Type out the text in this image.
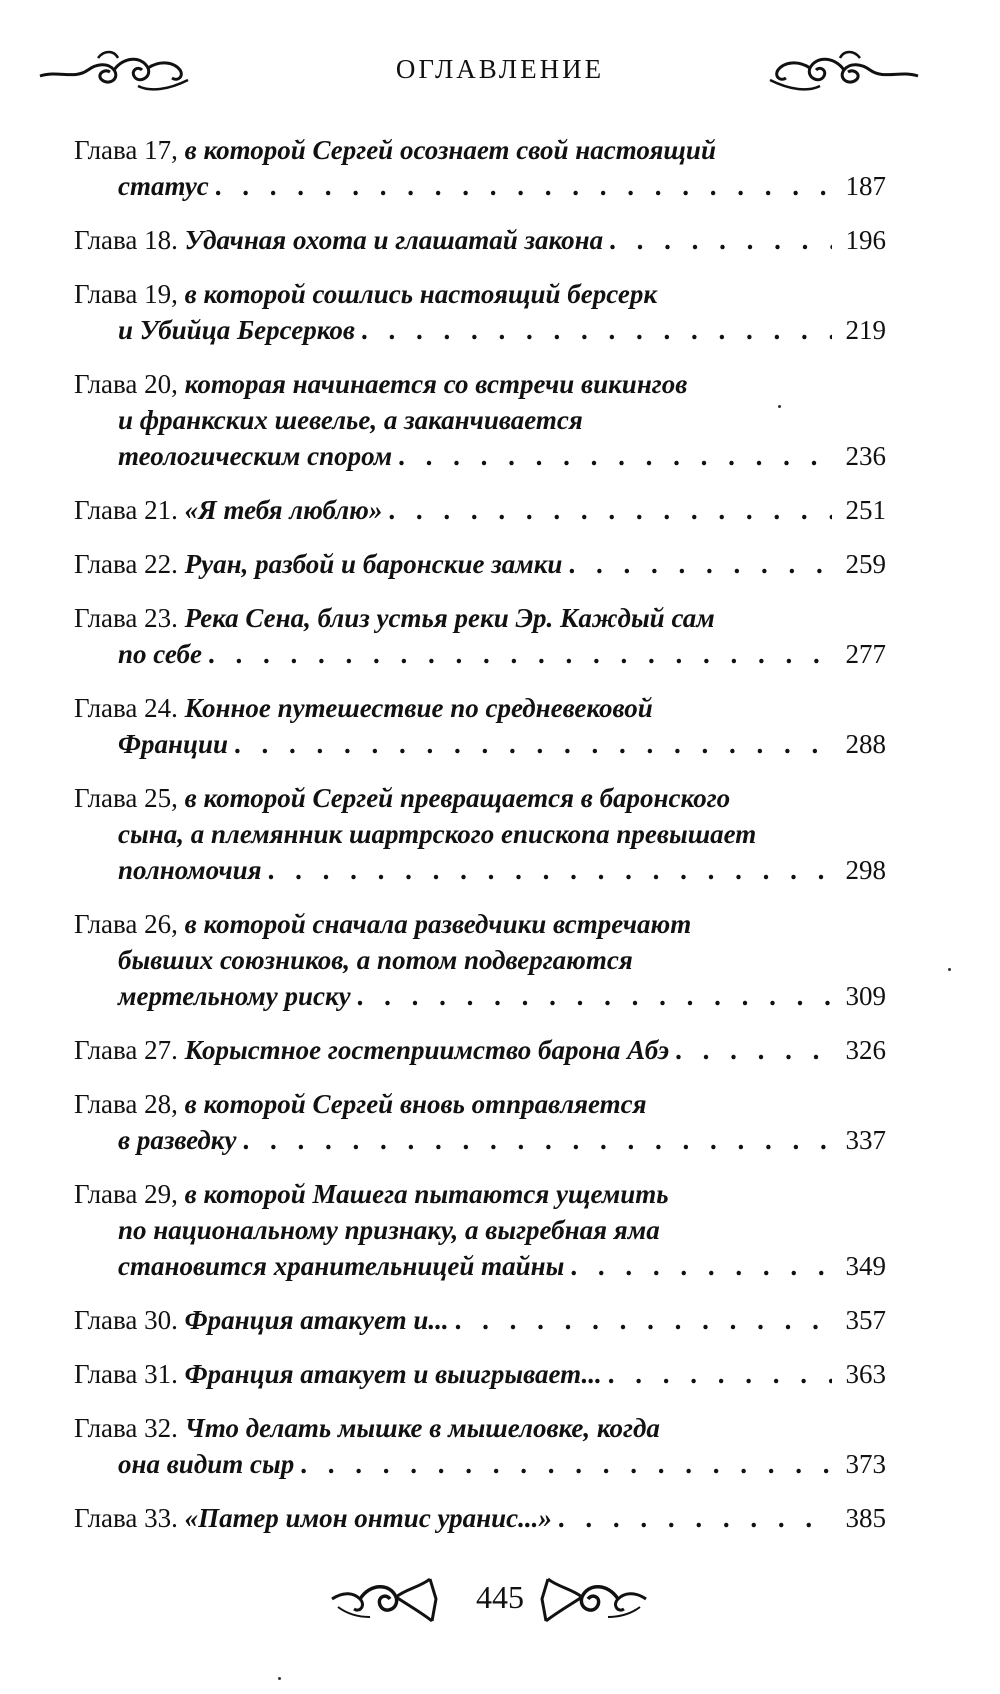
ОГЛАВЛЕНИЕ
Глава 17,
в которой Сергей осознает свой настоящий
статус . . .	187
Глава 18.
Удачная охота и глашатай закона . . .	196
Глава 19,
в которой сошлись настоящий берсерк
и Убийца Берсерков . . .	219
Глава 20,
которая начинается со встречи викингов
и франкских шевелье, а заканчивается
теологическим спором . . .	236
Глава 21.
«Я тебя люблю» . . .	251
Глава 22.
Руан, разбой и баронские замки . . .	259
Глава 23.
Река Сена, близ устья реки Эр. Каждый сам
по себе . . .	277
Глава 24.
Конное путешествие по средневековой
Франции . . .	288
Глава 25,
в которой Сергей превращается в баронского
сына, а племянник шартрского епископа превышает
полномочия . . .	298
Глава 26,
в которой сначала разведчики встречают
бывших союзников, а потом подвергаются
мертельному риску . . .	309
Глава 27.
Корыстное гостеприимство барона Абэ . . .	326
Глава 28,
в которой Сергей вновь отправляется
в разведку . . .	337
Глава 29,
в которой Машега пытаются ущемить
по национальному признаку, а выгребная яма
становится хранительницей тайны . . .	349
Глава 30.
Франция атакует и... . . .	357
Глава 31.
Франция атакует и выигрывает... . . .	363
Глава 32.
Что делать мышке в мышеловке, когда
она видит сыр . . .	373
Глава 33.
«Патер имон онтис уранис...» . . .	385
445
